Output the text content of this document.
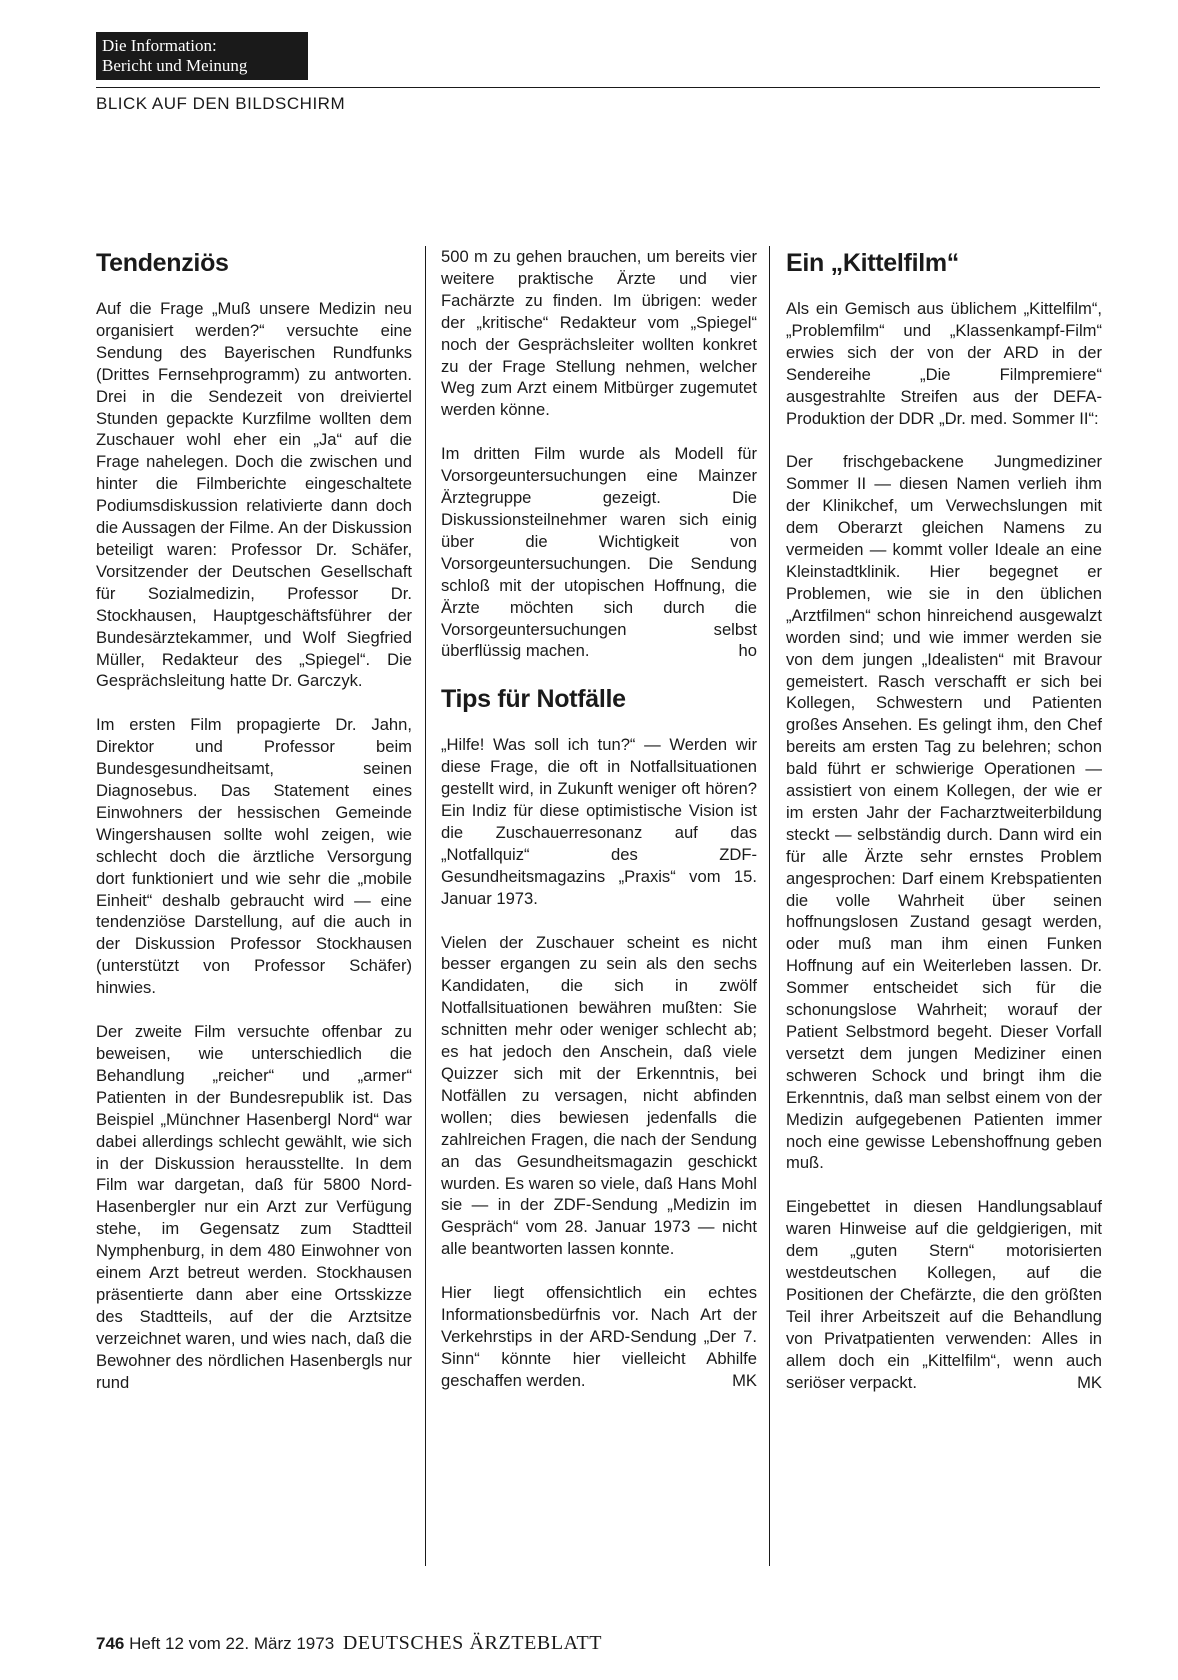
Die Information:
Bericht und Meinung
BLICK AUF DEN BILDSCHIRM
Tendenziös

Auf die Frage „Muß unsere Medizin neu organisiert werden?“ versuchte eine Sendung des Bayerischen Rundfunks (Drittes Fernsehprogramm) zu antworten. Drei in die Sendezeit von dreiviertel Stunden gepackte Kurzfilme wollten dem Zuschauer wohl eher ein „Ja“ auf die Frage nahelegen. Doch die zwischen und hinter die Filmberichte eingeschaltete Podiumsdiskussion relativierte dann doch die Aussagen der Filme. An der Diskussion beteiligt waren: Professor Dr. Schäfer, Vorsitzender der Deutschen Gesellschaft für Sozialmedizin, Professor Dr. Stockhausen, Hauptgeschäftsführer der Bundesärztekammer, und Wolf Siegfried Müller, Redakteur des „Spiegel“. Die Gesprächsleitung hatte Dr. Garczyk.

Im ersten Film propagierte Dr. Jahn, Direktor und Professor beim Bundesgesundheitsamt, seinen Diagnosebus. Das Statement eines Einwohners der hessischen Gemeinde Wingershausen sollte wohl zeigen, wie schlecht doch die ärztliche Versorgung dort funktioniert und wie sehr die „mobile Einheit“ deshalb gebraucht wird — eine tendenziöse Darstellung, auf die auch in der Diskussion Professor Stockhausen (unterstützt von Professor Schäfer) hinwies.

Der zweite Film versuchte offenbar zu beweisen, wie unterschiedlich die Behandlung „reicher“ und „armer“ Patienten in der Bundesrepublik ist. Das Beispiel „Münchner Hasenbergl Nord“ war dabei allerdings schlecht gewählt, wie sich in der Diskussion herausstellte. In dem Film war dargetan, daß für 5800 Nord-Hasenbergler nur ein Arzt zur Verfügung stehe, im Gegensatz zum Stadtteil Nymphenburg, in dem 480 Einwohner von einem Arzt betreut werden. Stockhausen präsentierte dann aber eine Ortsskizze des Stadtteils, auf der die Arztsitze verzeichnet waren, und wies nach, daß die Bewohner des nördlichen Hasenbergls nur rund

500 m zu gehen brauchen, um bereits vier weitere praktische Ärzte und vier Fachärzte zu finden. Im übrigen: weder der „kritische“ Redakteur vom „Spiegel“ noch der Gesprächsleiter wollten konkret zu der Frage Stellung nehmen, welcher Weg zum Arzt einem Mitbürger zugemutet werden könne.

Im dritten Film wurde als Modell für Vorsorgeuntersuchungen eine Mainzer Ärztegruppe gezeigt. Die Diskussionsteilnehmer waren sich einig über die Wichtigkeit von Vorsorgeuntersuchungen. Die Sendung schloß mit der utopischen Hoffnung, die Ärzte möchten sich durch die Vorsorgeuntersuchungen selbst überflüssig machen.	ho

Tips für Notfälle

„Hilfe! Was soll ich tun?“ — Werden wir diese Frage, die oft in Notfallsituationen gestellt wird, in Zukunft weniger oft hören? Ein Indiz für diese optimistische Vision ist die Zuschauerresonanz auf das „Notfallquiz“ des ZDF-Gesundheitsmagazins „Praxis“ vom 15. Januar 1973.

Vielen der Zuschauer scheint es nicht besser ergangen zu sein als den sechs Kandidaten, die sich in zwölf Notfallsituationen bewähren mußten: Sie schnitten mehr oder weniger schlecht ab; es hat jedoch den Anschein, daß viele Quizzer sich mit der Erkenntnis, bei Notfällen zu versagen, nicht abfinden wollen; dies bewiesen jedenfalls die zahlreichen Fragen, die nach der Sendung an das Gesundheitsmagazin geschickt wurden. Es waren so viele, daß Hans Mohl sie — in der ZDF-Sendung „Medizin im Gespräch“ vom 28. Januar 1973 — nicht alle beantworten lassen konnte.

Hier liegt offensichtlich ein echtes Informationsbedürfnis vor. Nach Art der Verkehrstips in der ARD-Sendung „Der 7. Sinn“ könnte hier vielleicht Abhilfe geschaffen werden.	MK

Ein „Kittelfilm“

Als ein Gemisch aus üblichem „Kittelfilm“, „Problemfilm“ und „Klassenkampf-Film“ erwies sich der von der ARD in der Sendereihe „Die Filmpremiere“ ausgestrahlte Streifen aus der DEFA-Produktion der DDR „Dr. med. Sommer II“:

Der frischgebackene Jungmediziner Sommer II — diesen Namen verlieh ihm der Klinikchef, um Verwechslungen mit dem Oberarzt gleichen Namens zu vermeiden — kommt voller Ideale an eine Kleinstadtklinik. Hier begegnet er Problemen, wie sie in den üblichen „Arztfilmen“ schon hinreichend ausgewalzt worden sind; und wie immer werden sie von dem jungen „Idealisten“ mit Bravour gemeistert. Rasch verschafft er sich bei Kollegen, Schwestern und Patienten großes Ansehen. Es gelingt ihm, den Chef bereits am ersten Tag zu belehren; schon bald führt er schwierige Operationen — assistiert von einem Kollegen, der wie er im ersten Jahr der Facharztweiterbildung steckt — selbständig durch. Dann wird ein für alle Ärzte sehr ernstes Problem angesprochen: Darf einem Krebspatienten die volle Wahrheit über seinen hoffnungslosen Zustand gesagt werden, oder muß man ihm einen Funken Hoffnung auf ein Weiterleben lassen. Dr. Sommer entscheidet sich für die schonungslose Wahrheit; worauf der Patient Selbstmord begeht. Dieser Vorfall versetzt dem jungen Mediziner einen schweren Schock und bringt ihm die Erkenntnis, daß man selbst einem von der Medizin aufgegebenen Patienten immer noch eine gewisse Lebenshoffnung geben muß.

Eingebettet in diesen Handlungsablauf waren Hinweise auf die geldgierigen, mit dem „guten Stern“ motorisierten westdeutschen Kollegen, auf die Positionen der Chefärzte, die den größten Teil ihrer Arbeitszeit auf die Behandlung von Privatpatienten verwenden: Alles in allem doch ein „Kittelfilm“, wenn auch seriöser verpackt.	MK

746 Heft 12 vom 22. März 1973 DEUTSCHES ÄRZTEBLATT
